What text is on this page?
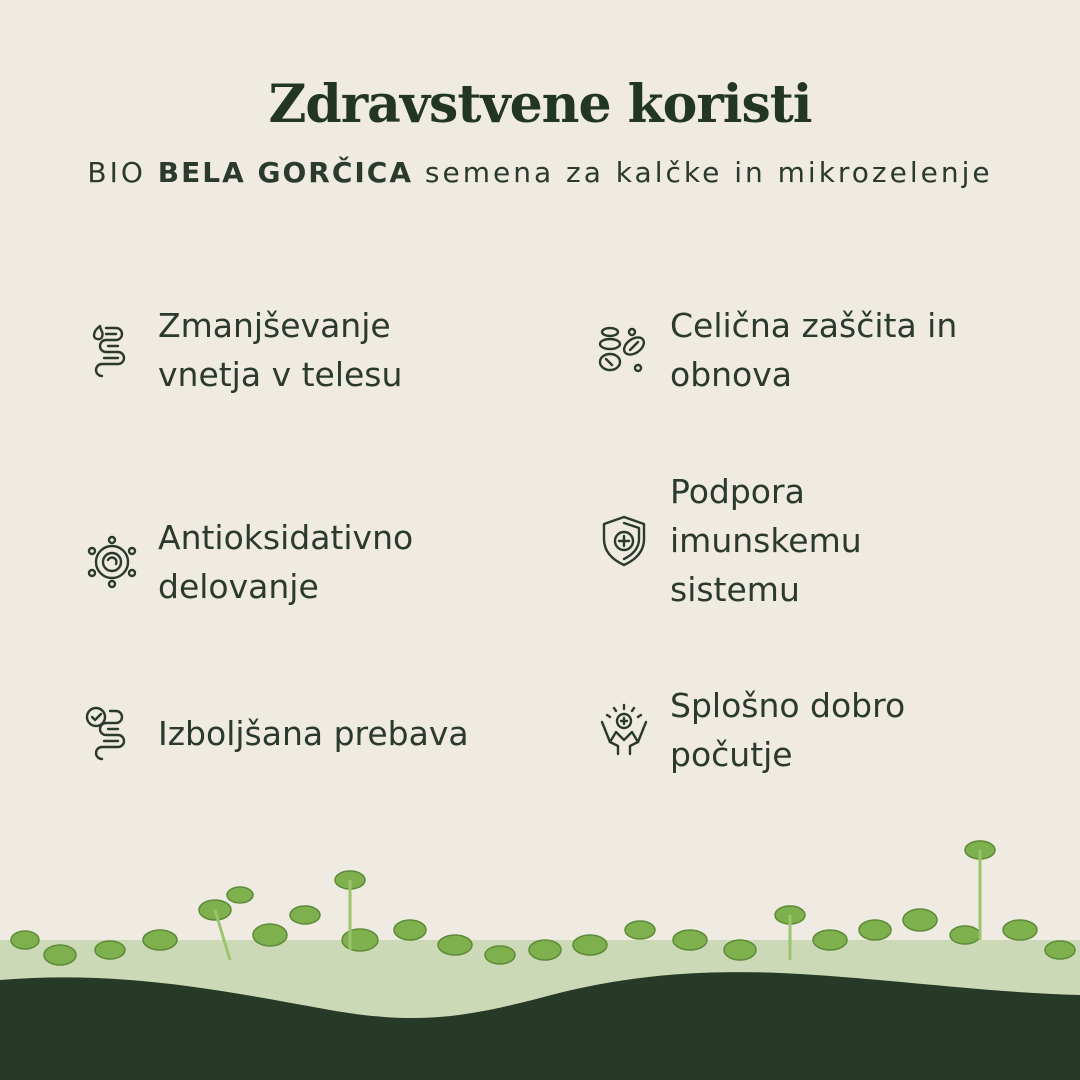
Zdravstvene koristi

BIO BELA GORČICA semena za kalčke in mikrozelenje

Zmanjševanje
vnetja v telesu
Celična zaščita in
obnova
Antioksidativno
delovanje
Podpora
imunskemu
sistemu
Izboljšana prebava
Splošno dobro
počutje
